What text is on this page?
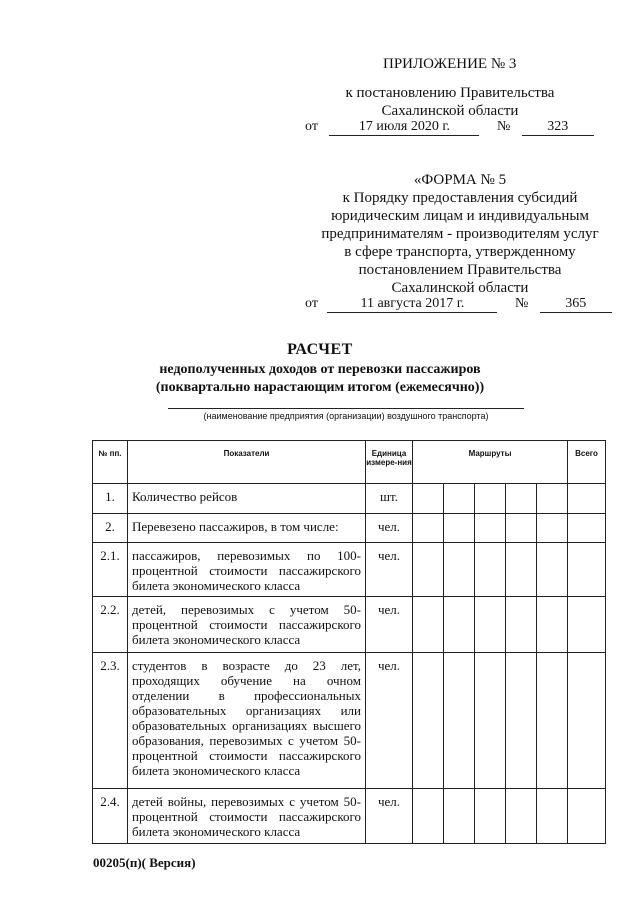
ПРИЛОЖЕНИЕ № 3
к постановлению Правительства
Сахалинской области
от	17 июля 2020 г.	№	323
«ФОРМА № 5
к Порядку предоставления субсидий
юридическим лицам и индивидуальным
предпринимателям - производителям услуг
в сфере транспорта, утвержденному
постановлением Правительства
Сахалинской области
от	11 августа 2017 г.	№	365
РАСЧЕТ
недополученных доходов от перевозки пассажиров
(поквартально нарастающим итогом (ежемесячно))
(наименование предприятия (организации) воздушного транспорта)
№ пп.	Показатели	Единица измере-ния	Маршруты					Всего
1.	Количество рейсов	шт.						
2.	Перевезено пассажиров, в том числе:	чел.						
2.1.	пассажиров, перевозимых по 100-процентной стоимости пассажирского билета экономического класса	чел.						
2.2.	детей, перевозимых с учетом 50-процентной стоимости пассажирского билета экономического класса	чел.						
2.3.	студентов в возрасте до 23 лет, проходящих обучение на очном отделении в профессиональных образовательных организациях или образовательных организациях высшего образования, перевозимых с учетом 50-процентной стоимости пассажирского билета экономического класса	чел.						
2.4.	детей войны, перевозимых с учетом 50-процентной стоимости пассажирского билета экономического класса	чел.						
00205(п)( Версия)
